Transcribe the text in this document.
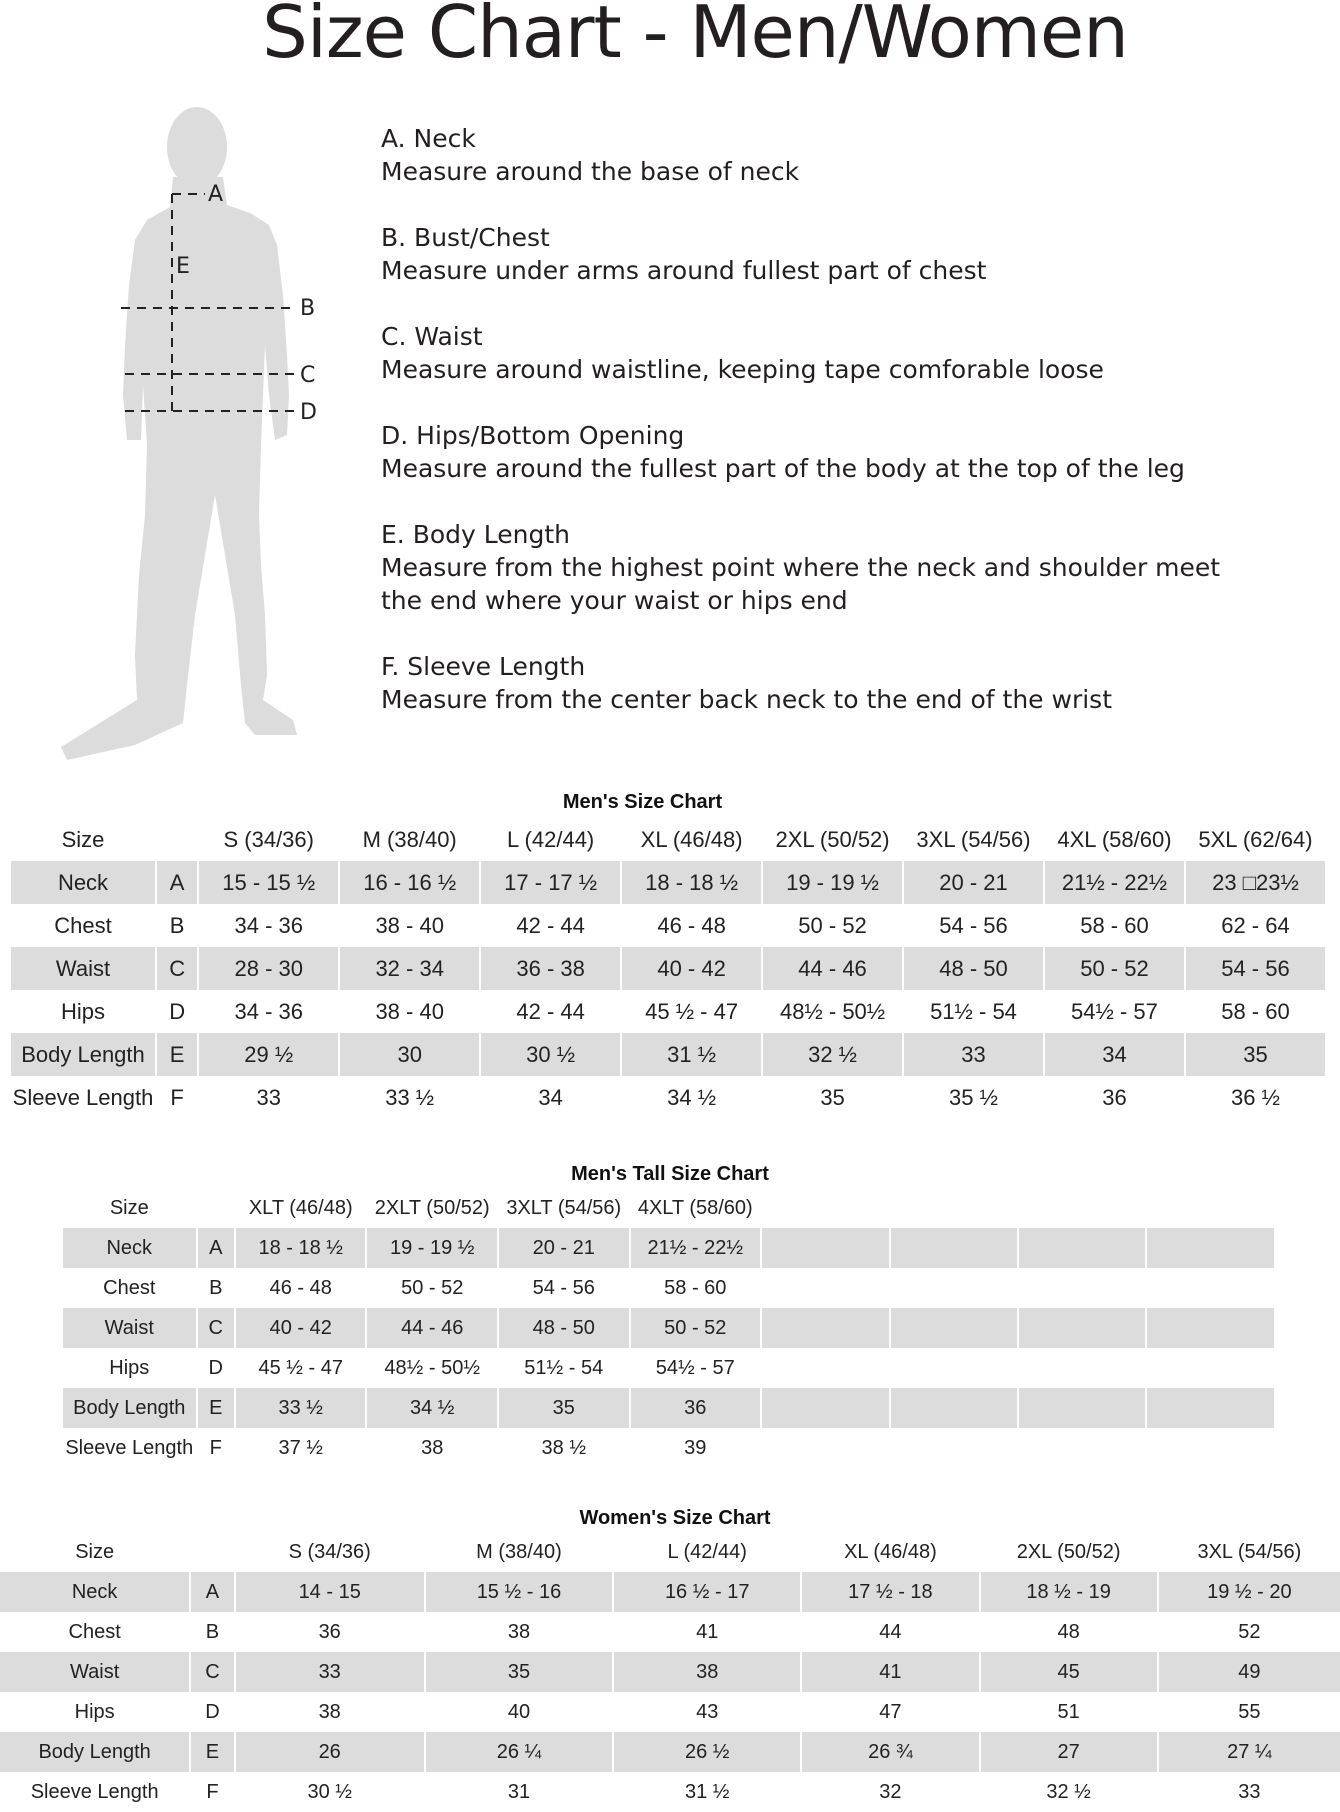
Size Chart - Men/Women
A
B
C
D
E
A. Neck
Measure around the base of neck
B. Bust/Chest
Measure under arms around fullest part of chest
C. Waist
Measure around waistline, keeping tape comforable loose
D. Hips/Bottom Opening
Measure around the fullest part of the body at the top of the leg
E. Body Length
Measure from the highest point where the neck and shoulder meet
the end where your waist or hips end
F. Sleeve Length
Measure from the center back neck to the end of the wrist
Men's Size Chart
Size		S (34/36)	M (38/40)	L (42/44)	XL (46/48)	2XL (50/52)	3XL (54/56)	4XL (58/60)	5XL (62/64)
Neck	A	15 - 15 ½	16 - 16 ½	17 - 17 ½	18 - 18 ½	19 - 19 ½	20 - 21	21½ - 22½	23 □23½
Chest	B	34 - 36	38 - 40	42 - 44	46 - 48	50 - 52	54 - 56	58 - 60	62 - 64
Waist	C	28 - 30	32 - 34	36 - 38	40 - 42	44 - 46	48 - 50	50 - 52	54 - 56
Hips	D	34 - 36	38 - 40	42 - 44	45 ½ - 47	48½ - 50½	51½ - 54	54½ - 57	58 - 60
Body Length	E	29 ½	30	30 ½	31 ½	32 ½	33	34	35
Sleeve Length	F	33	33 ½	34	34 ½	35	35 ½	36	36 ½
Men's Tall Size Chart
Size		XLT (46/48)	2XLT (50/52)	3XLT (54/56)	4XLT (58/60)				
Neck	A	18 - 18 ½	19 - 19 ½	20 - 21	21½ - 22½				
Chest	B	46 - 48	50 - 52	54 - 56	58 - 60				
Waist	C	40 - 42	44 - 46	48 - 50	50 - 52				
Hips	D	45 ½ - 47	48½ - 50½	51½ - 54	54½ - 57				
Body Length	E	33 ½	34 ½	35	36				
Sleeve Length	F	37 ½	38	38 ½	39				
Women's Size Chart
Size		S (34/36)	M (38/40)	L (42/44)	XL (46/48)	2XL (50/52)	3XL (54/56)
Neck	A	14 - 15	15 ½ - 16	16 ½ - 17	17 ½ - 18	18 ½ - 19	19 ½ - 20
Chest	B	36	38	41	44	48	52
Waist	C	33	35	38	41	45	49
Hips	D	38	40	43	47	51	55
Body Length	E	26	26 ¼	26 ½	26 ¾	27	27 ¼
Sleeve Length	F	30 ½	31	31 ½	32	32 ½	33
